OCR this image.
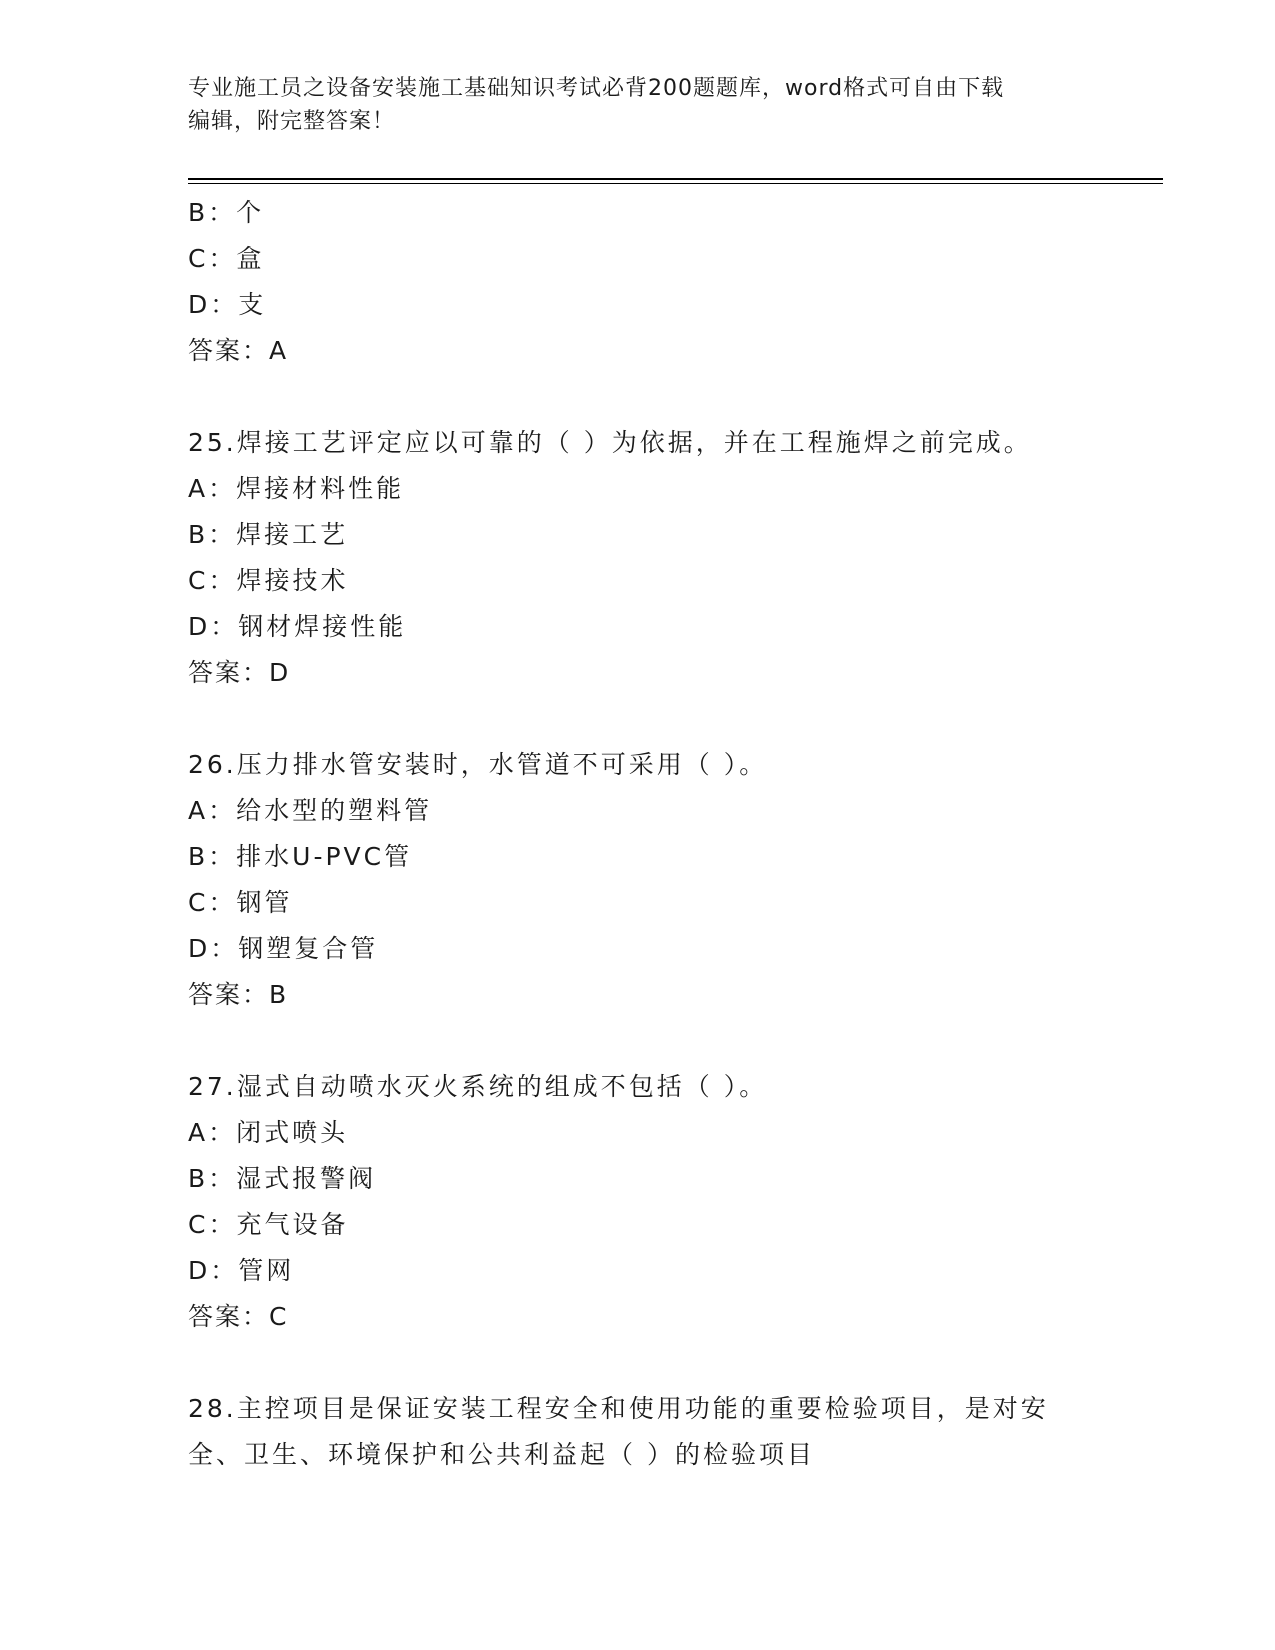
专业施工员之设备安装施工基础知识考试必背200题题库，word格式可自由下载
编辑，附完整答案！
B：个
C：盒
D：支
答案：A
25.焊接工艺评定应以可靠的（ ）为依据，并在工程施焊之前完成。
A：焊接材料性能
B：焊接工艺
C：焊接技术
D：钢材焊接性能
答案：D
26.压力排水管安装时，水管道不可采用（ ）。
A：给水型的塑料管
B：排水U-PVC管
C：钢管
D：钢塑复合管
答案：B
27.湿式自动喷水灭火系统的组成不包括（ ）。
A：闭式喷头
B：湿式报警阀
C：充气设备
D：管网
答案：C
28.主控项目是保证安装工程安全和使用功能的重要检验项目，是对安全、卫生、环境保护和公共利益起（ ）的检验项目
